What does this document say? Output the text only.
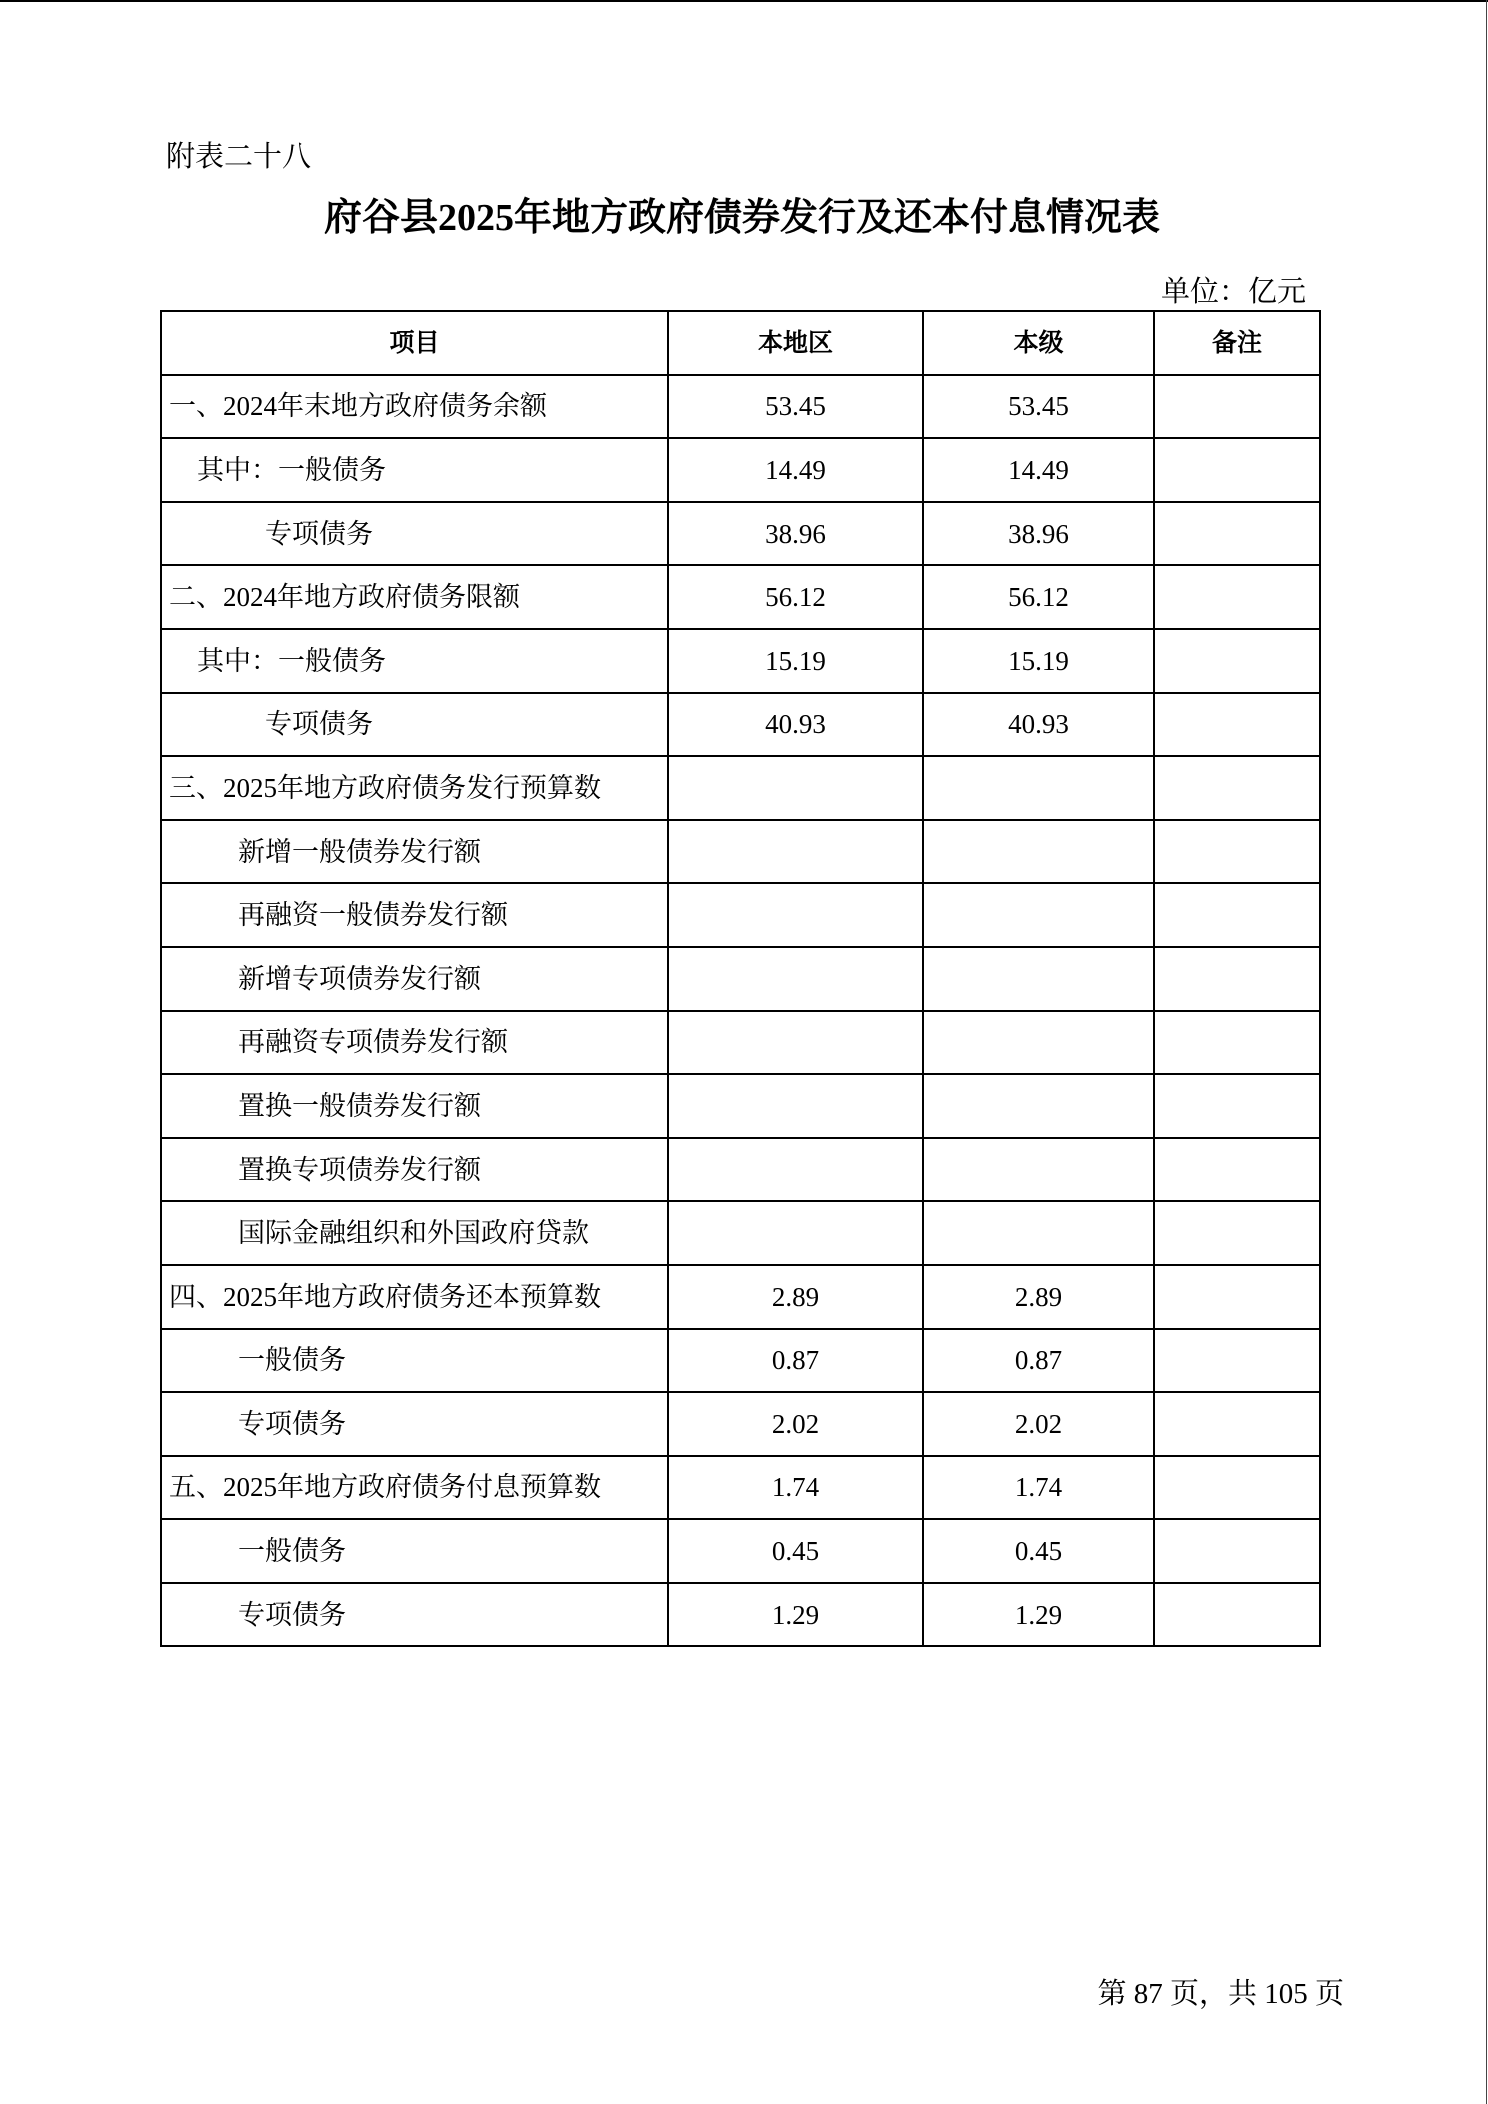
附表二十八
府谷县2025年地方政府债券发行及还本付息情况表
单位：亿元
项目	本地区	本级	备注
一、2024年末地方政府债务余额	53.45	53.45	
其中：一般债务	14.49	14.49	
专项债务	38.96	38.96	
二、2024年地方政府债务限额	56.12	56.12	
其中：一般债务	15.19	15.19	
专项债务	40.93	40.93	
三、2025年地方政府债务发行预算数			
新增一般债券发行额			
再融资一般债券发行额			
新增专项债券发行额			
再融资专项债券发行额			
置换一般债券发行额			
置换专项债券发行额			
国际金融组织和外国政府贷款			
四、2025年地方政府债务还本预算数	2.89	2.89	
一般债务	0.87	0.87	
专项债务	2.02	2.02	
五、2025年地方政府债务付息预算数	1.74	1.74	
一般债务	0.45	0.45	
专项债务	1.29	1.29	
第 87 页，共 105 页
